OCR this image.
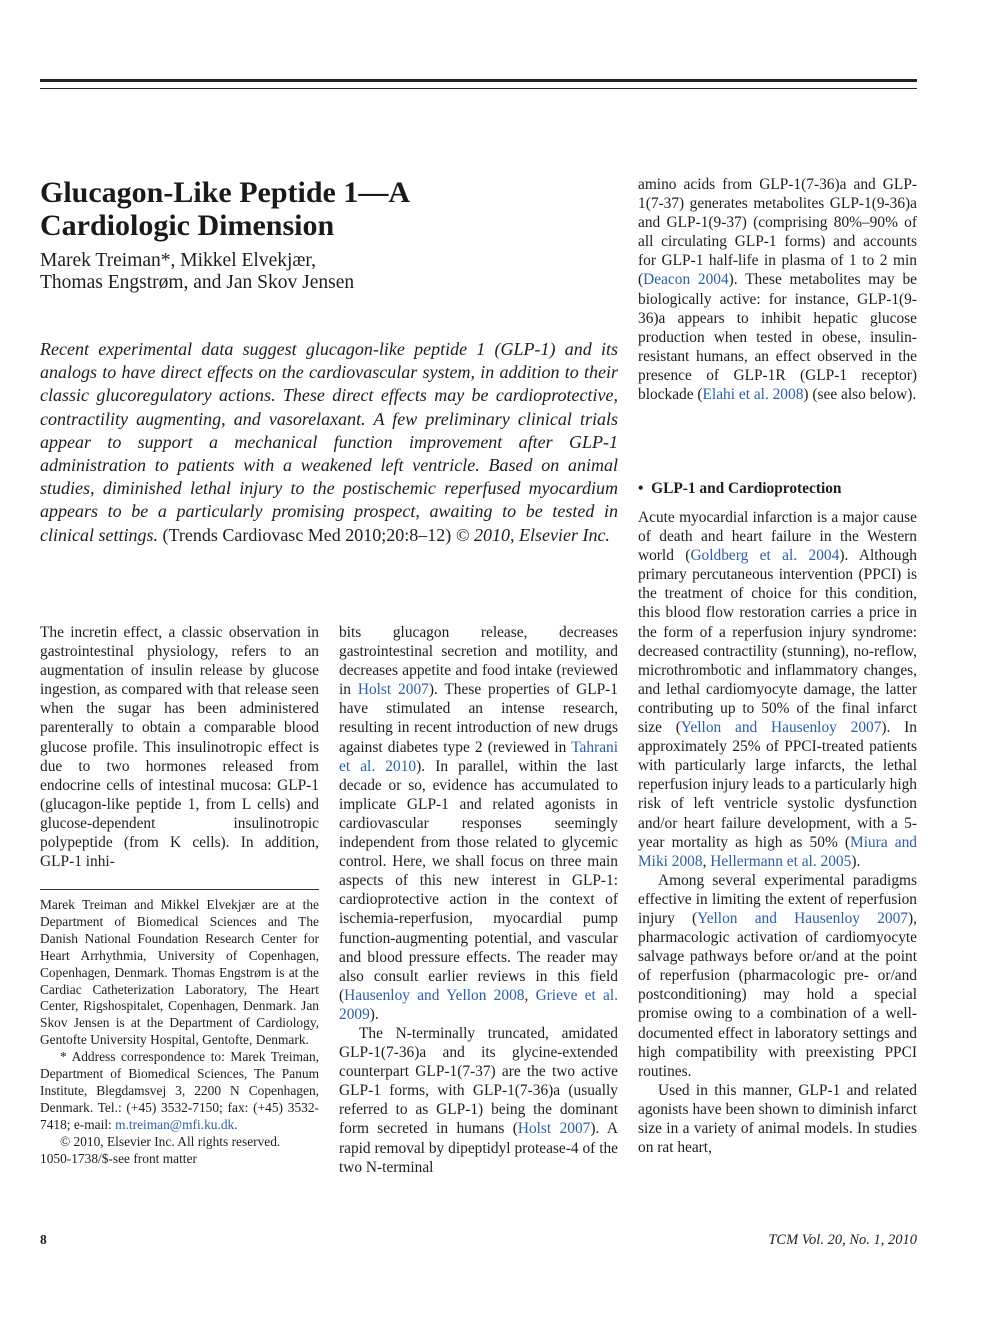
Glucagon-Like Peptide 1—A
Cardiologic Dimension
Marek Treiman*, Mikkel Elvekjær,
Thomas Engstrøm, and Jan Skov Jensen
Recent experimental data suggest glucagon-like peptide 1 (GLP-1) and its analogs to have direct effects on the cardiovascular system, in addition to their classic glucoregulatory actions. These direct effects may be cardioprotective, contractility augmenting, and vasorelaxant. A few preliminary clinical trials appear to support a mechanical function improvement after GLP-1 administration to patients with a weakened left ventricle. Based on animal studies, diminished lethal injury to the postischemic reperfused myocardium appears to be a particularly promising prospect, awaiting to be tested in clinical settings. (Trends Cardiovasc Med 2010;20:8–12) © 2010, Elsevier Inc.

The incretin effect, a classic observation in gastrointestinal physiology, refers to an augmentation of insulin release by glucose ingestion, as compared with that release seen when the sugar has been administered parenterally to obtain a comparable blood glucose profile. This insulinotropic effect is due to two hormones released from endocrine cells of intestinal mucosa: GLP-1 (glucagon-like peptide 1, from L cells) and glucose-dependent insulinotropic polypeptide (from K cells). In addition, GLP-1 inhi-

Marek Treiman and Mikkel Elvekjær are at the Department of Biomedical Sciences and The Danish National Foundation Research Center for Heart Arrhythmia, University of Copenhagen, Copenhagen, Denmark. Thomas Engstrøm is at the Cardiac Catheterization Laboratory, The Heart Center, Rigshospitalet, Copenhagen, Denmark. Jan Skov Jensen is at the Department of Cardiology, Gentofte University Hospital, Gentofte, Denmark.

* Address correspondence to: Marek Treiman, Department of Biomedical Sciences, The Panum Institute, Blegdamsvej 3, 2200 N Copenhagen, Denmark. Tel.: (+45) 3532-7150; fax: (+45) 3532-7418; e-mail: m.treiman@mfi.ku.dk.

© 2010, Elsevier Inc. All rights reserved.

1050-1738/$-see front matter

bits glucagon release, decreases gastrointestinal secretion and motility, and decreases appetite and food intake (reviewed in Holst 2007). These properties of GLP-1 have stimulated an intense research, resulting in recent introduction of new drugs against diabetes type 2 (reviewed in Tahrani et al. 2010). In parallel, within the last decade or so, evidence has accumulated to implicate GLP-1 and related agonists in cardiovascular responses seemingly independent from those related to glycemic control. Here, we shall focus on three main aspects of this new interest in GLP-1: cardioprotective action in the context of ischemia-reperfusion, myocardial pump function-augmenting potential, and vascular and blood pressure effects. The reader may also consult earlier reviews in this field (Hausenloy and Yellon 2008, Grieve et al. 2009).

The N-terminally truncated, amidated GLP-1(7-36)a and its glycine-extended counterpart GLP-1(7-37) are the two active GLP-1 forms, with GLP-1(7-36)a (usually referred to as GLP-1) being the dominant form secreted in humans (Holst 2007). A rapid removal by dipeptidyl protease-4 of the two N-terminal

amino acids from GLP-1(7-36)a and GLP-1(7-37) generates metabolites GLP-1(9-36)a and GLP-1(9-37) (comprising 80%–90% of all circulating GLP-1 forms) and accounts for GLP-1 half-life in plasma of 1 to 2 min (Deacon 2004). These metabolites may be biologically active: for instance, GLP-1(9-36)a appears to inhibit hepatic glucose production when tested in obese, insulin-resistant humans, an effect observed in the presence of GLP-1R (GLP-1 receptor) blockade (Elahi et al. 2008) (see also below).

• GLP-1 and Cardioprotection

Acute myocardial infarction is a major cause of death and heart failure in the Western world (Goldberg et al. 2004). Although primary percutaneous intervention (PPCI) is the treatment of choice for this condition, this blood flow restoration carries a price in the form of a reperfusion injury syndrome: decreased contractility (stunning), no-reflow, microthrombotic and inflammatory changes, and lethal cardiomyocyte damage, the latter contributing up to 50% of the final infarct size (Yellon and Hausenloy 2007). In approximately 25% of PPCI-treated patients with particularly large infarcts, the lethal reperfusion injury leads to a particularly high risk of left ventricle systolic dysfunction and/or heart failure development, with a 5-year mortality as high as 50% (Miura and Miki 2008, Hellermann et al. 2005).

Among several experimental paradigms effective in limiting the extent of reperfusion injury (Yellon and Hausenloy 2007), pharmacologic activation of cardiomyocyte salvage pathways before or/and at the point of reperfusion (pharmacologic pre- or/and postconditioning) may hold a special promise owing to a combination of a well-documented effect in laboratory settings and high compatibility with preexisting PPCI routines.

Used in this manner, GLP-1 and related agonists have been shown to diminish infarct size in a variety of animal models. In studies on rat heart,

8	TCM Vol. 20, No. 1, 2010
